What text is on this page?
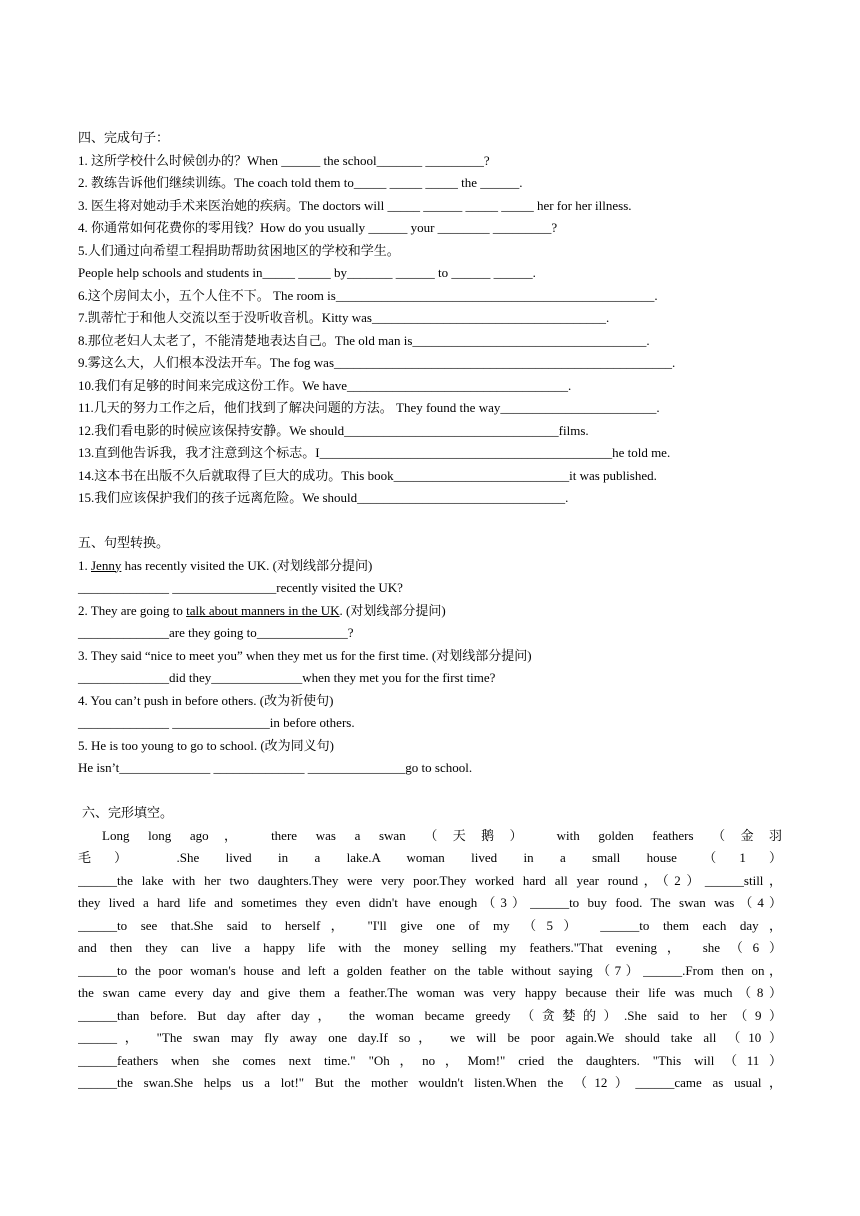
四、完成句子：
1. 这所学校什么时候创办的？When ______ the school_______ _________?
2. 教练告诉他们继续训练。The coach told them to_____ _____ _____ the ______.
3. 医生将对她动手术来医治她的疾病。The doctors will _____ ______ _____ _____ her for her illness.
4. 你通常如何花费你的零用钱？How do you usually ______ your ________ _________?
5.人们通过向希望工程捐助帮助贫困地区的学校和学生。
People help schools and students in_____ _____ by_______ ______ to ______ ______.
6.这个房间太小，五个人住不下。 The room is_________________________________________________.
7.凯蒂忙于和他人交流以至于没听收音机。Kitty was____________________________________.
8.那位老妇人太老了，不能清楚地表达自己。The old man is____________________________________.
9.雾这么大，人们根本没法开车。The fog was____________________________________________________.
10.我们有足够的时间来完成这份工作。We have__________________________________.
11.几天的努力工作之后，他们找到了解决问题的方法。 They found the way________________________.
12.我们看电影的时候应该保持安静。We should_________________________________films.
13.直到他告诉我，我才注意到这个标志。I_____________________________________________he told me.
14.这本书在出版不久后就取得了巨大的成功。This book___________________________it was published.
15.我们应该保护我们的孩子远离危险。We should________________________________.
五、句型转换。
1. Jenny has recently visited the UK. (对划线部分提问)
______________ ________________recently visited the UK?
2. They are going to talk about manners in the UK. (对划线部分提问)
______________are they going to______________?
3. They said “nice to meet you” when they met us for the first time. (对划线部分提问)
______________did they______________when they met you for the first time?
4. You can’t push in before others. (改为祈使句)
______________ _______________in before others.
5. He is too young to go to school. (改为同义句)
He isn’t______________ ______________ _______________go to school.
六、完形填空。
Long long ago， there was a swan （天鹅） with golden feathers （金羽
毛） .She lived in a lake.A woman lived in a small house （1）
______the lake with her two daughters.They were very poor.They worked hard all year round，（2）______still，
they lived a hard life and sometimes they even didn't have enough（3）______to buy food. The swan was（4）
______to see that.She said to herself， "I'll give one of my （5） ______to them each day，
and then they can live a happy life with the money selling my feathers."That evening， she（6）
______to the poor woman's house and left a golden feather on the table without saying（7）______.From then on，
the swan came every day and give them a feather.The woman was very happy because their life was much（8）
______than before. But day after day， the woman became greedy （贪婪的）.She said to her（9）
______， "The swan may fly away one day.If so， we will be poor again.We should take all （10）
______feathers when she comes next time." "Oh，no，Mom!" cried the daughters. "This will（11）
______the swan.She helps us a lot!" But the mother wouldn't listen.When the （12）______came as usual，
